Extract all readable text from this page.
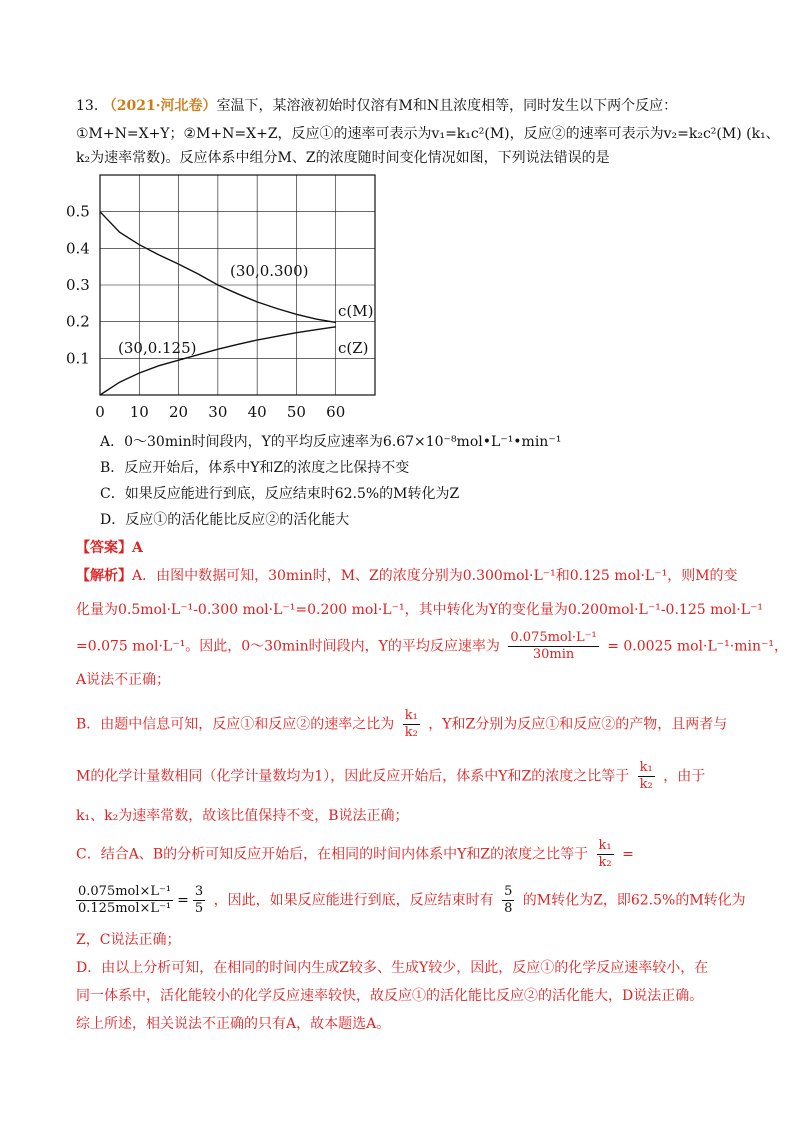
13. （2021·河北卷）室温下，某溶液初始时仅溶有M和N且浓度相等，同时发生以下两个反应：
①M+N=X+Y；②M+N=X+Z，反应①的速率可表示为v₁=k₁c²(M)，反应②的速率可表示为v₂=k₂c²(M) (k₁、
k₂为速率常数)。反应体系中组分M、Z的浓度随时间变化情况如图，下列说法错误的是
0.1
0.2
0.3
0.4
0.5
0 10 20 30 40 50 60
(30,0.300)
(30,0.125)
c(M)
c(Z)
A．0～30min时间段内，Y的平均反应速率为6.67×10⁻⁸mol•L⁻¹•min⁻¹
B．反应开始后，体系中Y和Z的浓度之比保持不变
C．如果反应能进行到底，反应结束时62.5%的M转化为Z
D．反应①的活化能比反应②的活化能大
【答案】A
【解析】A．由图中数据可知，30min时，M、Z的浓度分别为0.300mol·L⁻¹和0.125 mol·L⁻¹，则M的变
化量为0.5mol·L⁻¹-0.300 mol·L⁻¹=0.200 mol·L⁻¹，其中转化为Y的变化量为0.200mol·L⁻¹-0.125 mol·L⁻¹
=0.075 mol·L⁻¹。因此，0～30min时间段内，Y的平均反应速率为 $\frac{\text{0.075mol·L⁻¹}}{30\min} = 0.0025$ mol·L⁻¹·min⁻¹，
A说法不正确；
B．由题中信息可知，反应①和反应②的速率之比为 $\frac{\text{k₁}}{\text{k₂}}$ ，Y和Z分别为反应①和反应②的产物，且两者与
M的化学计量数相同（化学计量数均为1），因此反应开始后，体系中Y和Z的浓度之比等于 $\frac{\text{k₁}}{\text{k₂}}$ ，由于
k₁、k₂为速率常数，故该比值保持不变，B说法正确；
C．结合A、B的分析可知反应开始后，在相同的时间内体系中Y和Z的浓度之比等于 $\frac{\text{k₁}}{\text{k₂}}$ =
$\frac{\text{0.075mol×L⁻¹}}{\text{0.125mol×L⁻¹}} = \frac{3}{5}$ ，因此，如果反应能进行到底，反应结束时有 $\frac{5}{8}$ 的M转化为Z，即62.5%的M转化为
Z，C说法正确；
D．由以上分析可知，在相同的时间内生成Z较多、生成Y较少，因此，反应①的化学反应速率较小，在
同一体系中，活化能较小的化学反应速率较快，故反应①的活化能比反应②的活化能大，D说法正确。
综上所述，相关说法不正确的只有A，故本题选A。
